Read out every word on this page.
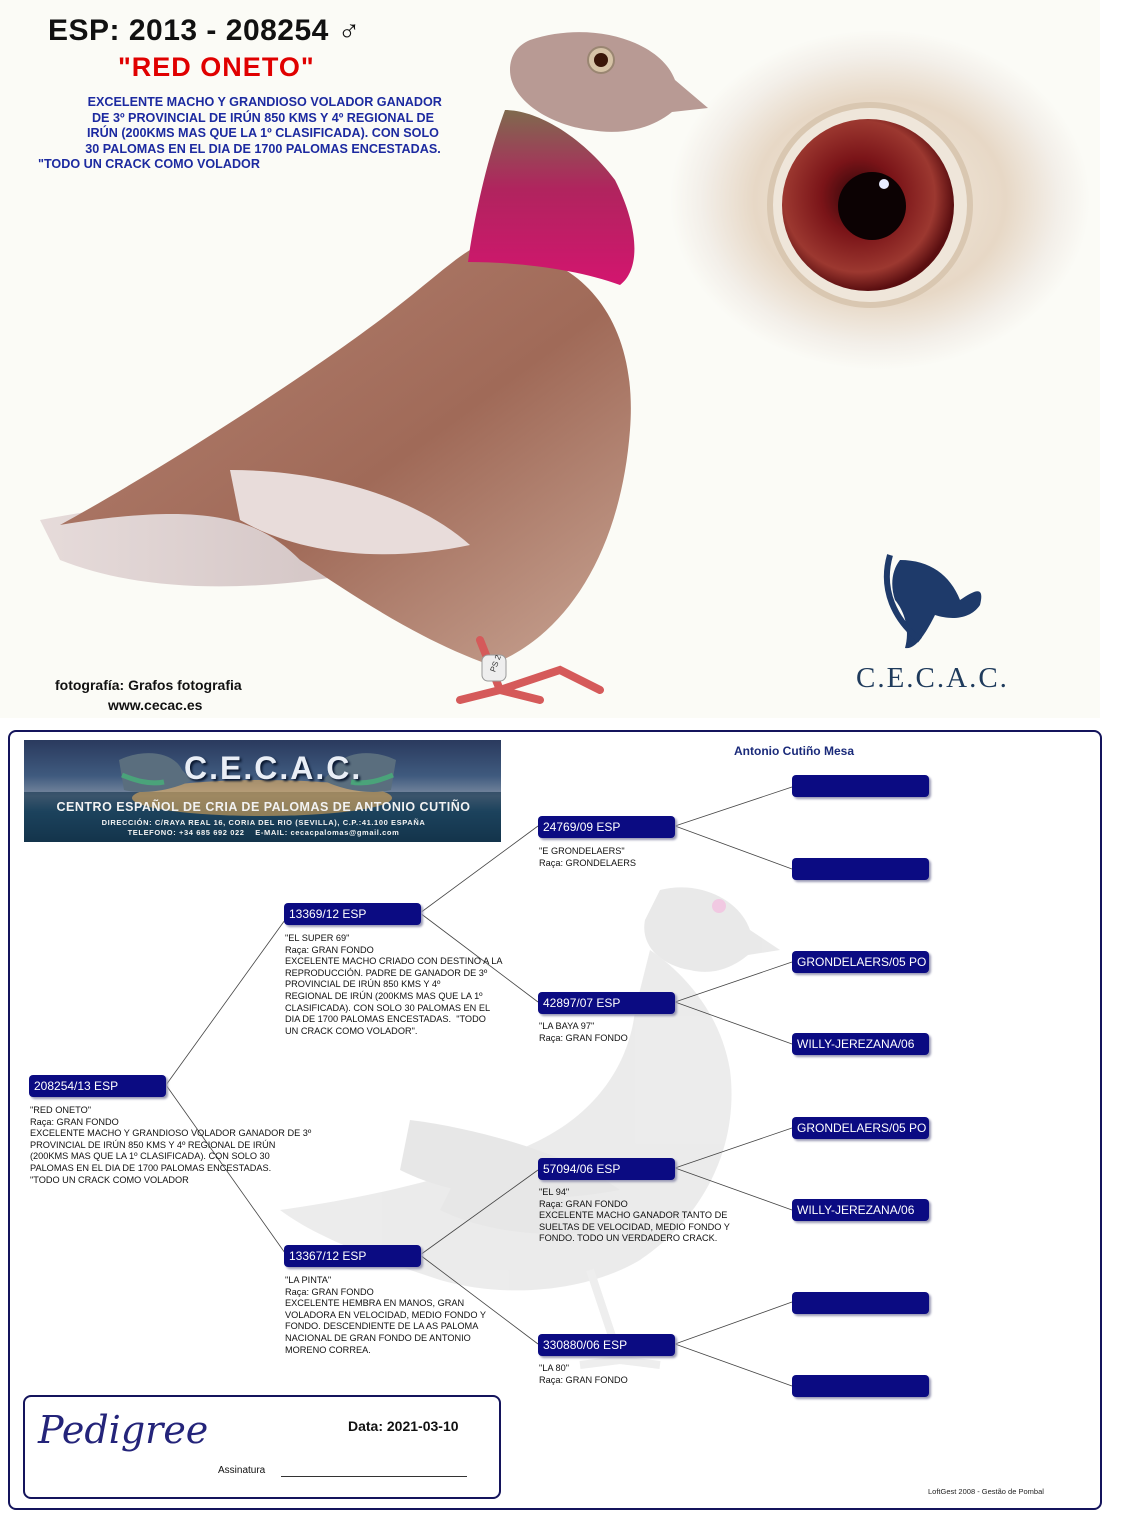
ESP: 2013 - 208254 ♂
"RED ONETO"
EXCELENTE MACHO Y GRANDIOSO VOLADOR GANADOR
DE 3º PROVINCIAL DE IRÚN 850 KMS Y 4º REGIONAL DE
IRÚN (200KMS MAS QUE LA 1º CLASIFICADA). CON SOLO
30 PALOMAS EN EL DIA DE 1700 PALOMAS ENCESTADAS.
"TODO UN CRACK COMO VOLADOR
PS 2
fotografía: Grafos fotografia
www.cecac.es
C.E.C.A.C.
C.E.C.A.C.
CENTRO ESPAÑOL DE CRIA DE PALOMAS DE ANTONIO CUTIÑO
DIRECCIÓN: C/RAYA REAL 16, CORIA DEL RIO (SEVILLA), C.P.:41.100 ESPAÑA
TELEFONO: +34 685 692 022    E-MAIL: cecacpalomas@gmail.com
Antonio Cutiño Mesa
208254/13 ESP
"RED ONETO"
Raça: GRAN FONDO
EXCELENTE MACHO Y GRANDIOSO VOLADOR GANADOR DE 3º
PROVINCIAL DE IRÚN 850 KMS Y 4º REGIONAL DE IRÚN
(200KMS MAS QUE LA 1º CLASIFICADA). CON SOLO 30
PALOMAS EN EL DIA DE 1700 PALOMAS ENCESTADAS.
"TODO UN CRACK COMO VOLADOR
13369/12 ESP
"EL SUPER 69"
Raça: GRAN FONDO
EXCELENTE MACHO CRIADO CON DESTINO A LA
REPRODUCCIÓN. PADRE DE GANADOR DE 3º
PROVINCIAL DE IRÚN 850 KMS Y 4º
REGIONAL DE IRÚN (200KMS MAS QUE LA 1º
CLASIFICADA). CON SOLO 30 PALOMAS EN EL
DIA DE 1700 PALOMAS ENCESTADAS.  "TODO
UN CRACK COMO VOLADOR".
13367/12 ESP
"LA PINTA"
Raça: GRAN FONDO
EXCELENTE HEMBRA EN MANOS, GRAN
VOLADORA EN VELOCIDAD, MEDIO FONDO Y
FONDO. DESCENDIENTE DE LA AS PALOMA
NACIONAL DE GRAN FONDO DE ANTONIO
MORENO CORREA.
24769/09 ESP
"E GRONDELAERS"
Raça: GRONDELAERS
42897/07 ESP
"LA BAYA 97"
Raça: GRAN FONDO
57094/06 ESP
"EL 94"
Raça: GRAN FONDO
EXCELENTE MACHO GANADOR TANTO DE
SUELTAS DE VELOCIDAD, MEDIO FONDO Y
FONDO. TODO UN VERDADERO CRACK.
330880/06 ESP
"LA 80"
Raça: GRAN FONDO
GRONDELAERS/05 PO
WILLY-JEREZANA/06
GRONDELAERS/05 PO
WILLY-JEREZANA/06
Pedigree	Data: 2021-03-10
Assinatura
LoftGest 2008 - Gestão de Pombal
